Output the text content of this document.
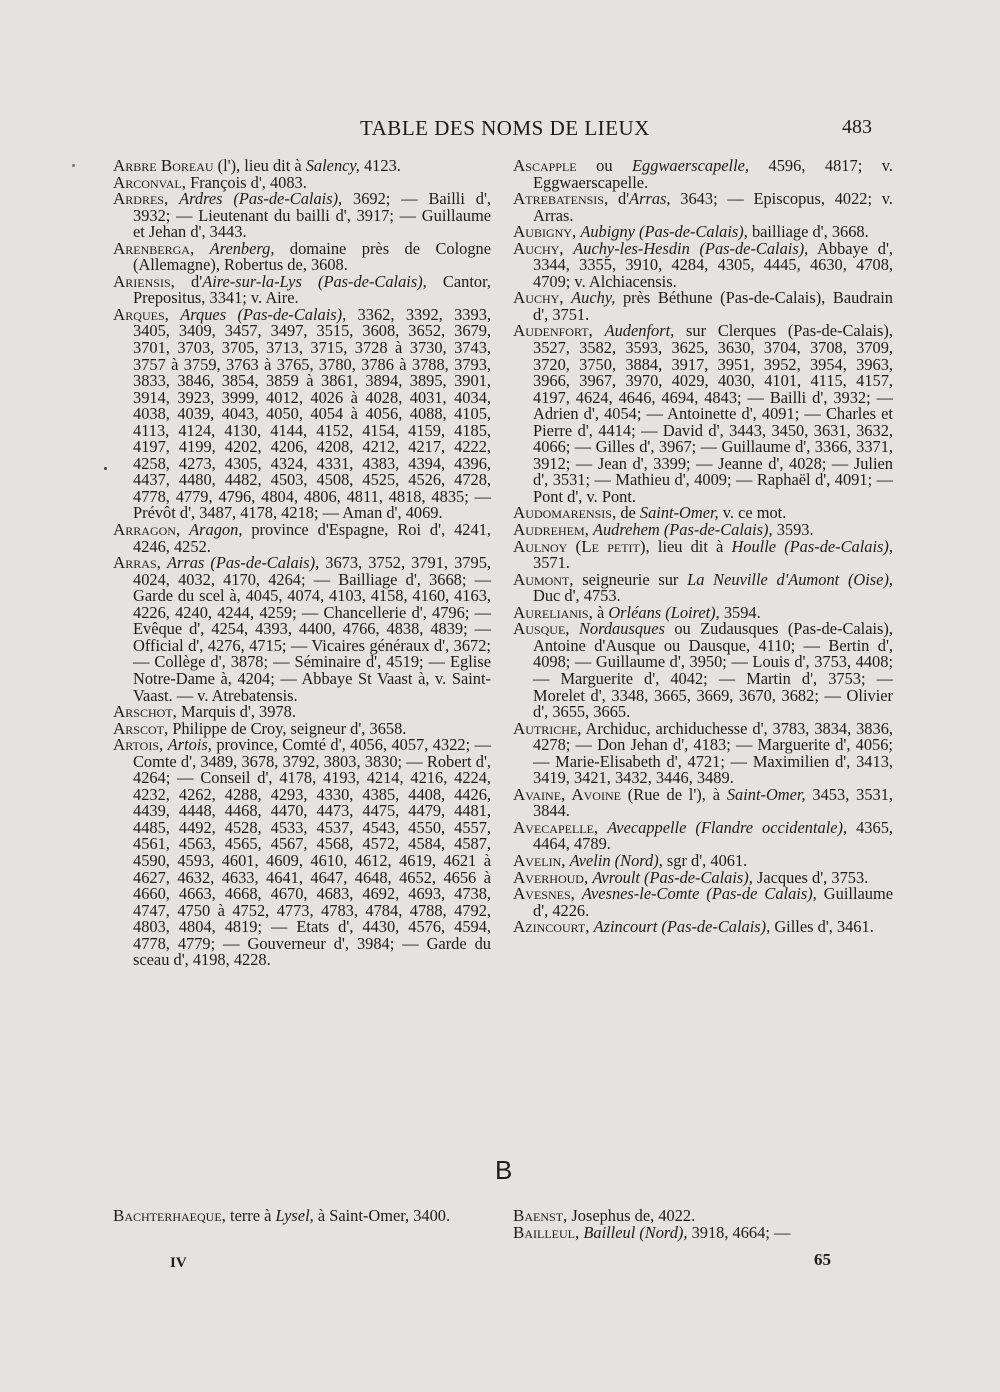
TABLE DES NOMS DE LIEUX	483

Arbre Boreau (l'), lieu dit à Salency, 4123.

Arconval, François d', 4083.

Ardres, Ardres (Pas-de-Calais), 3692; — Bailli d', 3932; — Lieutenant du bailli d', 3917; — Guillaume et Jehan d', 3443.

Arenberga, Arenberg, domaine près de Cologne (Allemagne), Robertus de, 3608.

Ariensis, d'Aire-sur-la-Lys (Pas-de-Calais), Cantor, Prepositus, 3341; v. Aire.

Arques, Arques (Pas-de-Calais), 3362, 3392, 3393, 3405, 3409, 3457, 3497, 3515, 3608, 3652, 3679, 3701, 3703, 3705, 3713, 3715, 3728 à 3730, 3743, 3757 à 3759, 3763 à 3765, 3780, 3786 à 3788, 3793, 3833, 3846, 3854, 3859 à 3861, 3894, 3895, 3901, 3914, 3923, 3999, 4012, 4026 à 4028, 4031, 4034, 4038, 4039, 4043, 4050, 4054 à 4056, 4088, 4105, 4113, 4124, 4130, 4144, 4152, 4154, 4159, 4185, 4197, 4199, 4202, 4206, 4208, 4212, 4217, 4222, 4258, 4273, 4305, 4324, 4331, 4383, 4394, 4396, 4437, 4480, 4482, 4503, 4508, 4525, 4526, 4728, 4778, 4779, 4796, 4804, 4806, 4811, 4818, 4835; — Prévôt d', 3487, 4178, 4218; — Aman d', 4069.

Arragon, Aragon, province d'Espagne, Roi d', 4241, 4246, 4252.

Arras, Arras (Pas-de-Calais), 3673, 3752, 3791, 3795, 4024, 4032, 4170, 4264; — Bailliage d', 3668; — Garde du scel à, 4045, 4074, 4103, 4158, 4160, 4163, 4226, 4240, 4244, 4259; — Chancellerie d', 4796; — Evêque d', 4254, 4393, 4400, 4766, 4838, 4839; — Official d', 4276, 4715; — Vicaires généraux d', 3672; — Collège d', 3878; — Séminaire d', 4519; — Eglise Notre-Dame à, 4204; — Abbaye St Vaast à, v. Saint-Vaast. — v. Atrebatensis.

Arschot, Marquis d', 3978.

Arscot, Philippe de Croy, seigneur d', 3658.

Artois, Artois, province, Comté d', 4056, 4057, 4322; — Comte d', 3489, 3678, 3792, 3803, 3830; — Robert d', 4264; — Conseil d', 4178, 4193, 4214, 4216, 4224, 4232, 4262, 4288, 4293, 4330, 4385, 4408, 4426, 4439, 4448, 4468, 4470, 4473, 4475, 4479, 4481, 4485, 4492, 4528, 4533, 4537, 4543, 4550, 4557, 4561, 4563, 4565, 4567, 4568, 4572, 4584, 4587, 4590, 4593, 4601, 4609, 4610, 4612, 4619, 4621 à 4627, 4632, 4633, 4641, 4647, 4648, 4652, 4656 à 4660, 4663, 4668, 4670, 4683, 4692, 4693, 4738, 4747, 4750 à 4752, 4773, 4783, 4784, 4788, 4792, 4803, 4804, 4819; — Etats d', 4430, 4576, 4594, 4778, 4779; — Gouverneur d', 3984; — Garde du sceau d', 4198, 4228.

Ascapple ou Eggwaerscapelle, 4596, 4817; v. Eggwaerscapelle.

Atrebatensis, d'Arras, 3643; — Episcopus, 4022; v. Arras.

Aubigny, Aubigny (Pas-de-Calais), bailliage d', 3668.

Auchy, Auchy-les-Hesdin (Pas-de-Calais), Abbaye d', 3344, 3355, 3910, 4284, 4305, 4445, 4630, 4708, 4709; v. Alchiacensis.

Auchy, Auchy, près Béthune (Pas-de-Calais), Baudrain d', 3751.

Audenfort, Audenfort, sur Clerques (Pas-de-Calais), 3527, 3582, 3593, 3625, 3630, 3704, 3708, 3709, 3720, 3750, 3884, 3917, 3951, 3952, 3954, 3963, 3966, 3967, 3970, 4029, 4030, 4101, 4115, 4157, 4197, 4624, 4646, 4694, 4843; — Bailli d', 3932; — Adrien d', 4054; — Antoinette d', 4091; — Charles et Pierre d', 4414; — David d', 3443, 3450, 3631, 3632, 4066; — Gilles d', 3967; — Guillaume d', 3366, 3371, 3912; — Jean d', 3399; — Jeanne d', 4028; — Julien d', 3531; — Mathieu d', 4009; — Raphaël d', 4091; — Pont d', v. Pont.

Audomarensis, de Saint-Omer, v. ce mot.

Audrehem, Audrehem (Pas-de-Calais), 3593.

Aulnoy (Le petit), lieu dit à Houlle (Pas-de-Calais), 3571.

Aumont, seigneurie sur La Neuville d'Aumont (Oise), Duc d', 4753.

Aurelianis, à Orléans (Loiret), 3594.

Ausque, Nordausques ou Zudausques (Pas-de-Calais), Antoine d'Ausque ou Dausque, 4110; — Bertin d', 4098; — Guillaume d', 3950; — Louis d', 3753, 4408; — Marguerite d', 4042; — Martin d', 3753; — Morelet d', 3348, 3665, 3669, 3670, 3682; — Olivier d', 3655, 3665.

Autriche, Archiduc, archiduchesse d', 3783, 3834, 3836, 4278; — Don Jehan d', 4183; — Marguerite d', 4056; — Marie-Elisabeth d', 4721; — Maximilien d', 3413, 3419, 3421, 3432, 3446, 3489.

Avaine, Avoine (Rue de l'), à Saint-Omer, 3453, 3531, 3844.

Avecapelle, Avecappelle (Flandre occidentale), 4365, 4464, 4789.

Avelin, Avelin (Nord), sgr d', 4061.

Averhoud, Avroult (Pas-de-Calais), Jacques d', 3753.

Avesnes, Avesnes-le-Comte (Pas-de Calais), Guillaume d', 4226.

Azincourt, Azincourt (Pas-de-Calais), Gilles d', 3461.

B

Bachterhaeque, terre à Lysel, à Saint-Omer, 3400.	Baenst, Josephus de, 4022.

Bailleul, Bailleul (Nord), 3918, 4664; —

IV	65
